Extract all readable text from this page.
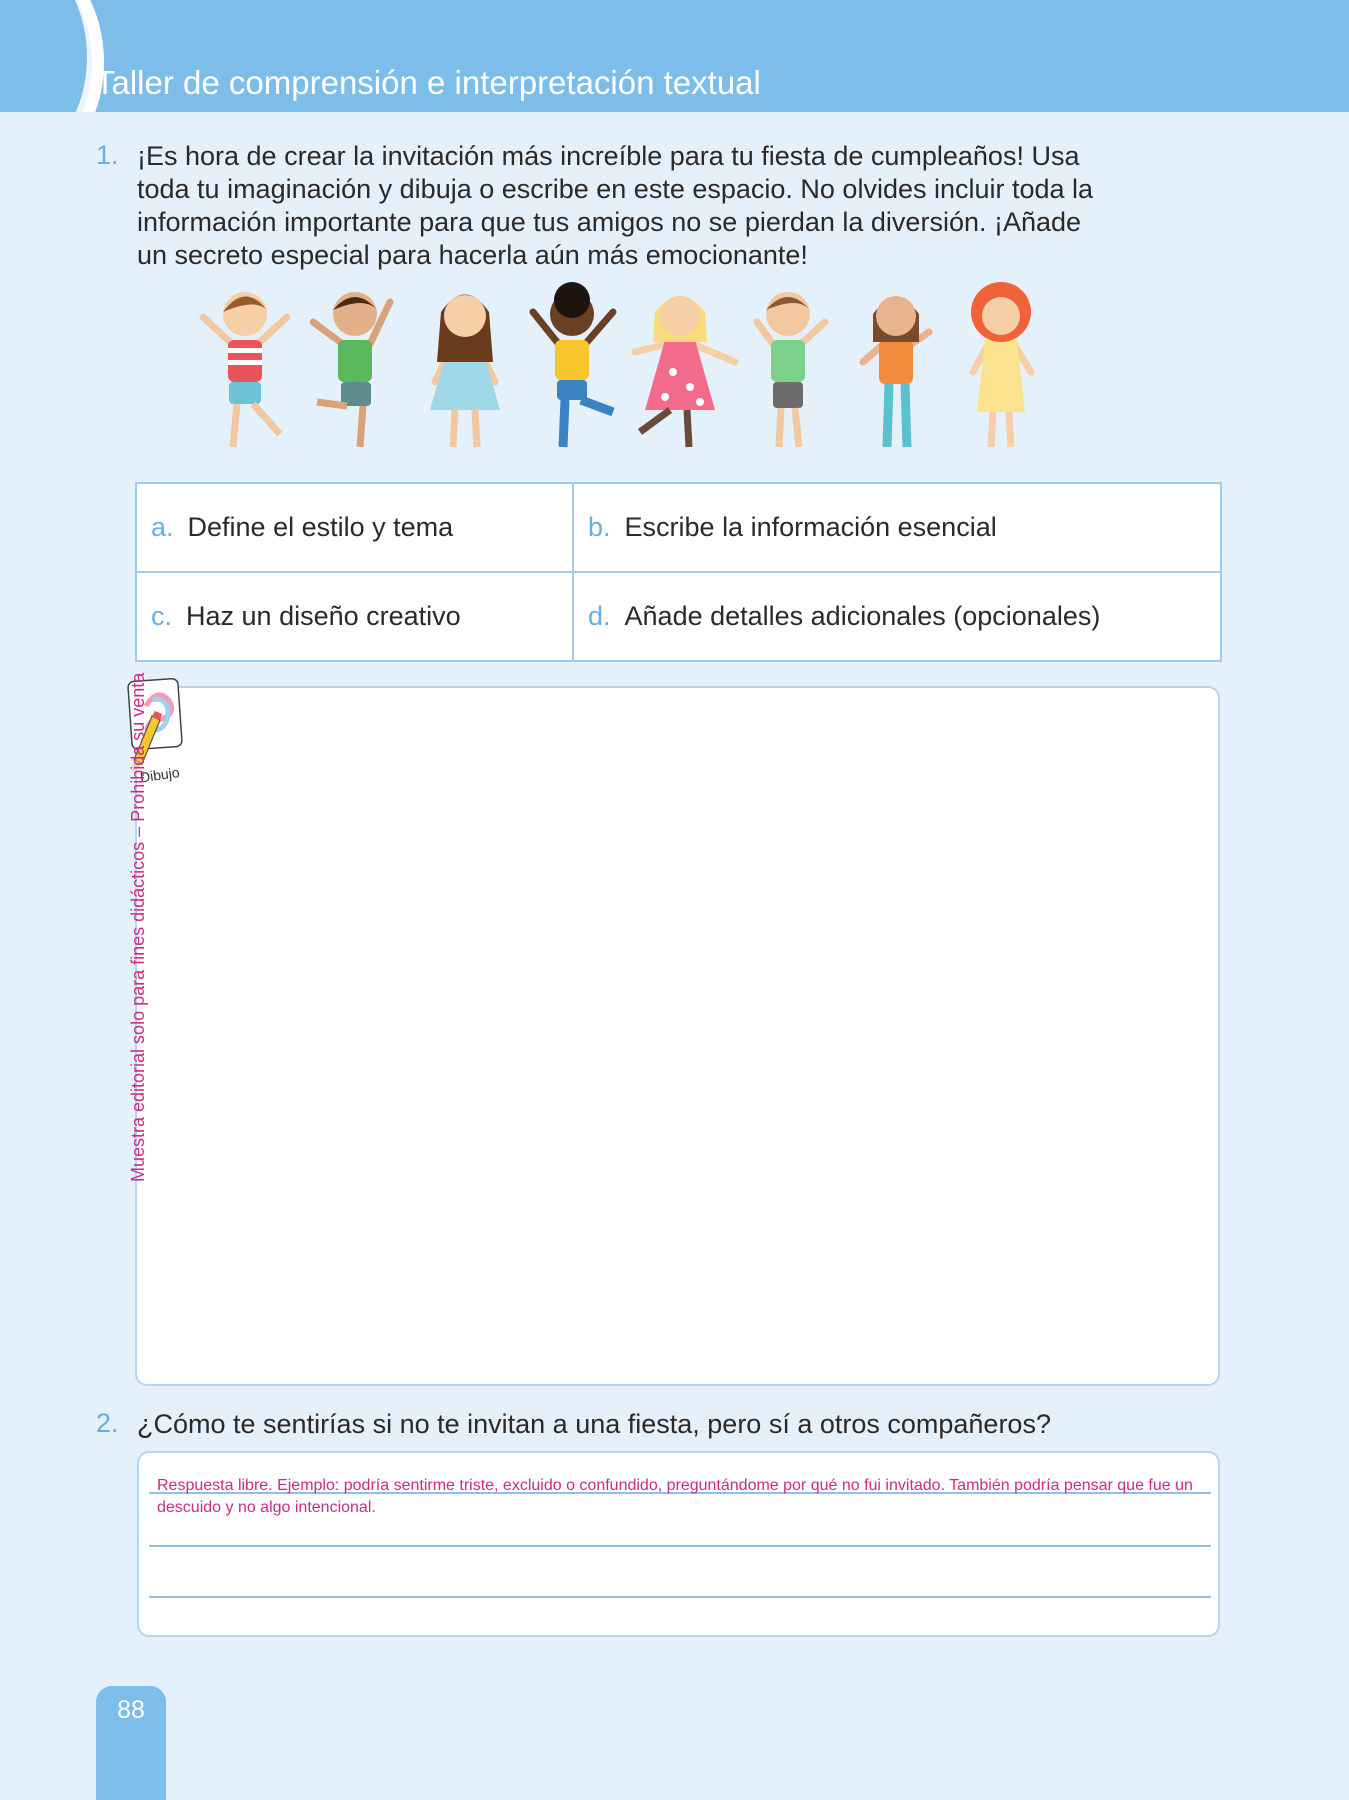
Taller de comprensión e interpretación textual
1. ¡Es hora de crear la invitación más increíble para tu fiesta de cumpleaños! Usa
toda tu imaginación y dibuja o escribe en este espacio. No olvides incluir toda la
información importante para que tus amigos no se pierdan la diversión. ¡Añade
un secreto especial para hacerla aún más emocionante!
a. Define el estilo y tema	b. Escribe la información esencial
c. Haz un diseño creativo	d. Añade detalles adicionales (opcionales)
Dibujo
2. ¿Cómo te sentirías si no te invitan a una fiesta, pero sí a otros compañeros?
Respuesta libre. Ejemplo: podría sentirme triste, excluido o confundido, preguntándome por qué no fui invitado. También podría pensar que fue un descuido y no algo intencional.
Muestra editorial solo para fines didácticos – Prohibida su venta
88
